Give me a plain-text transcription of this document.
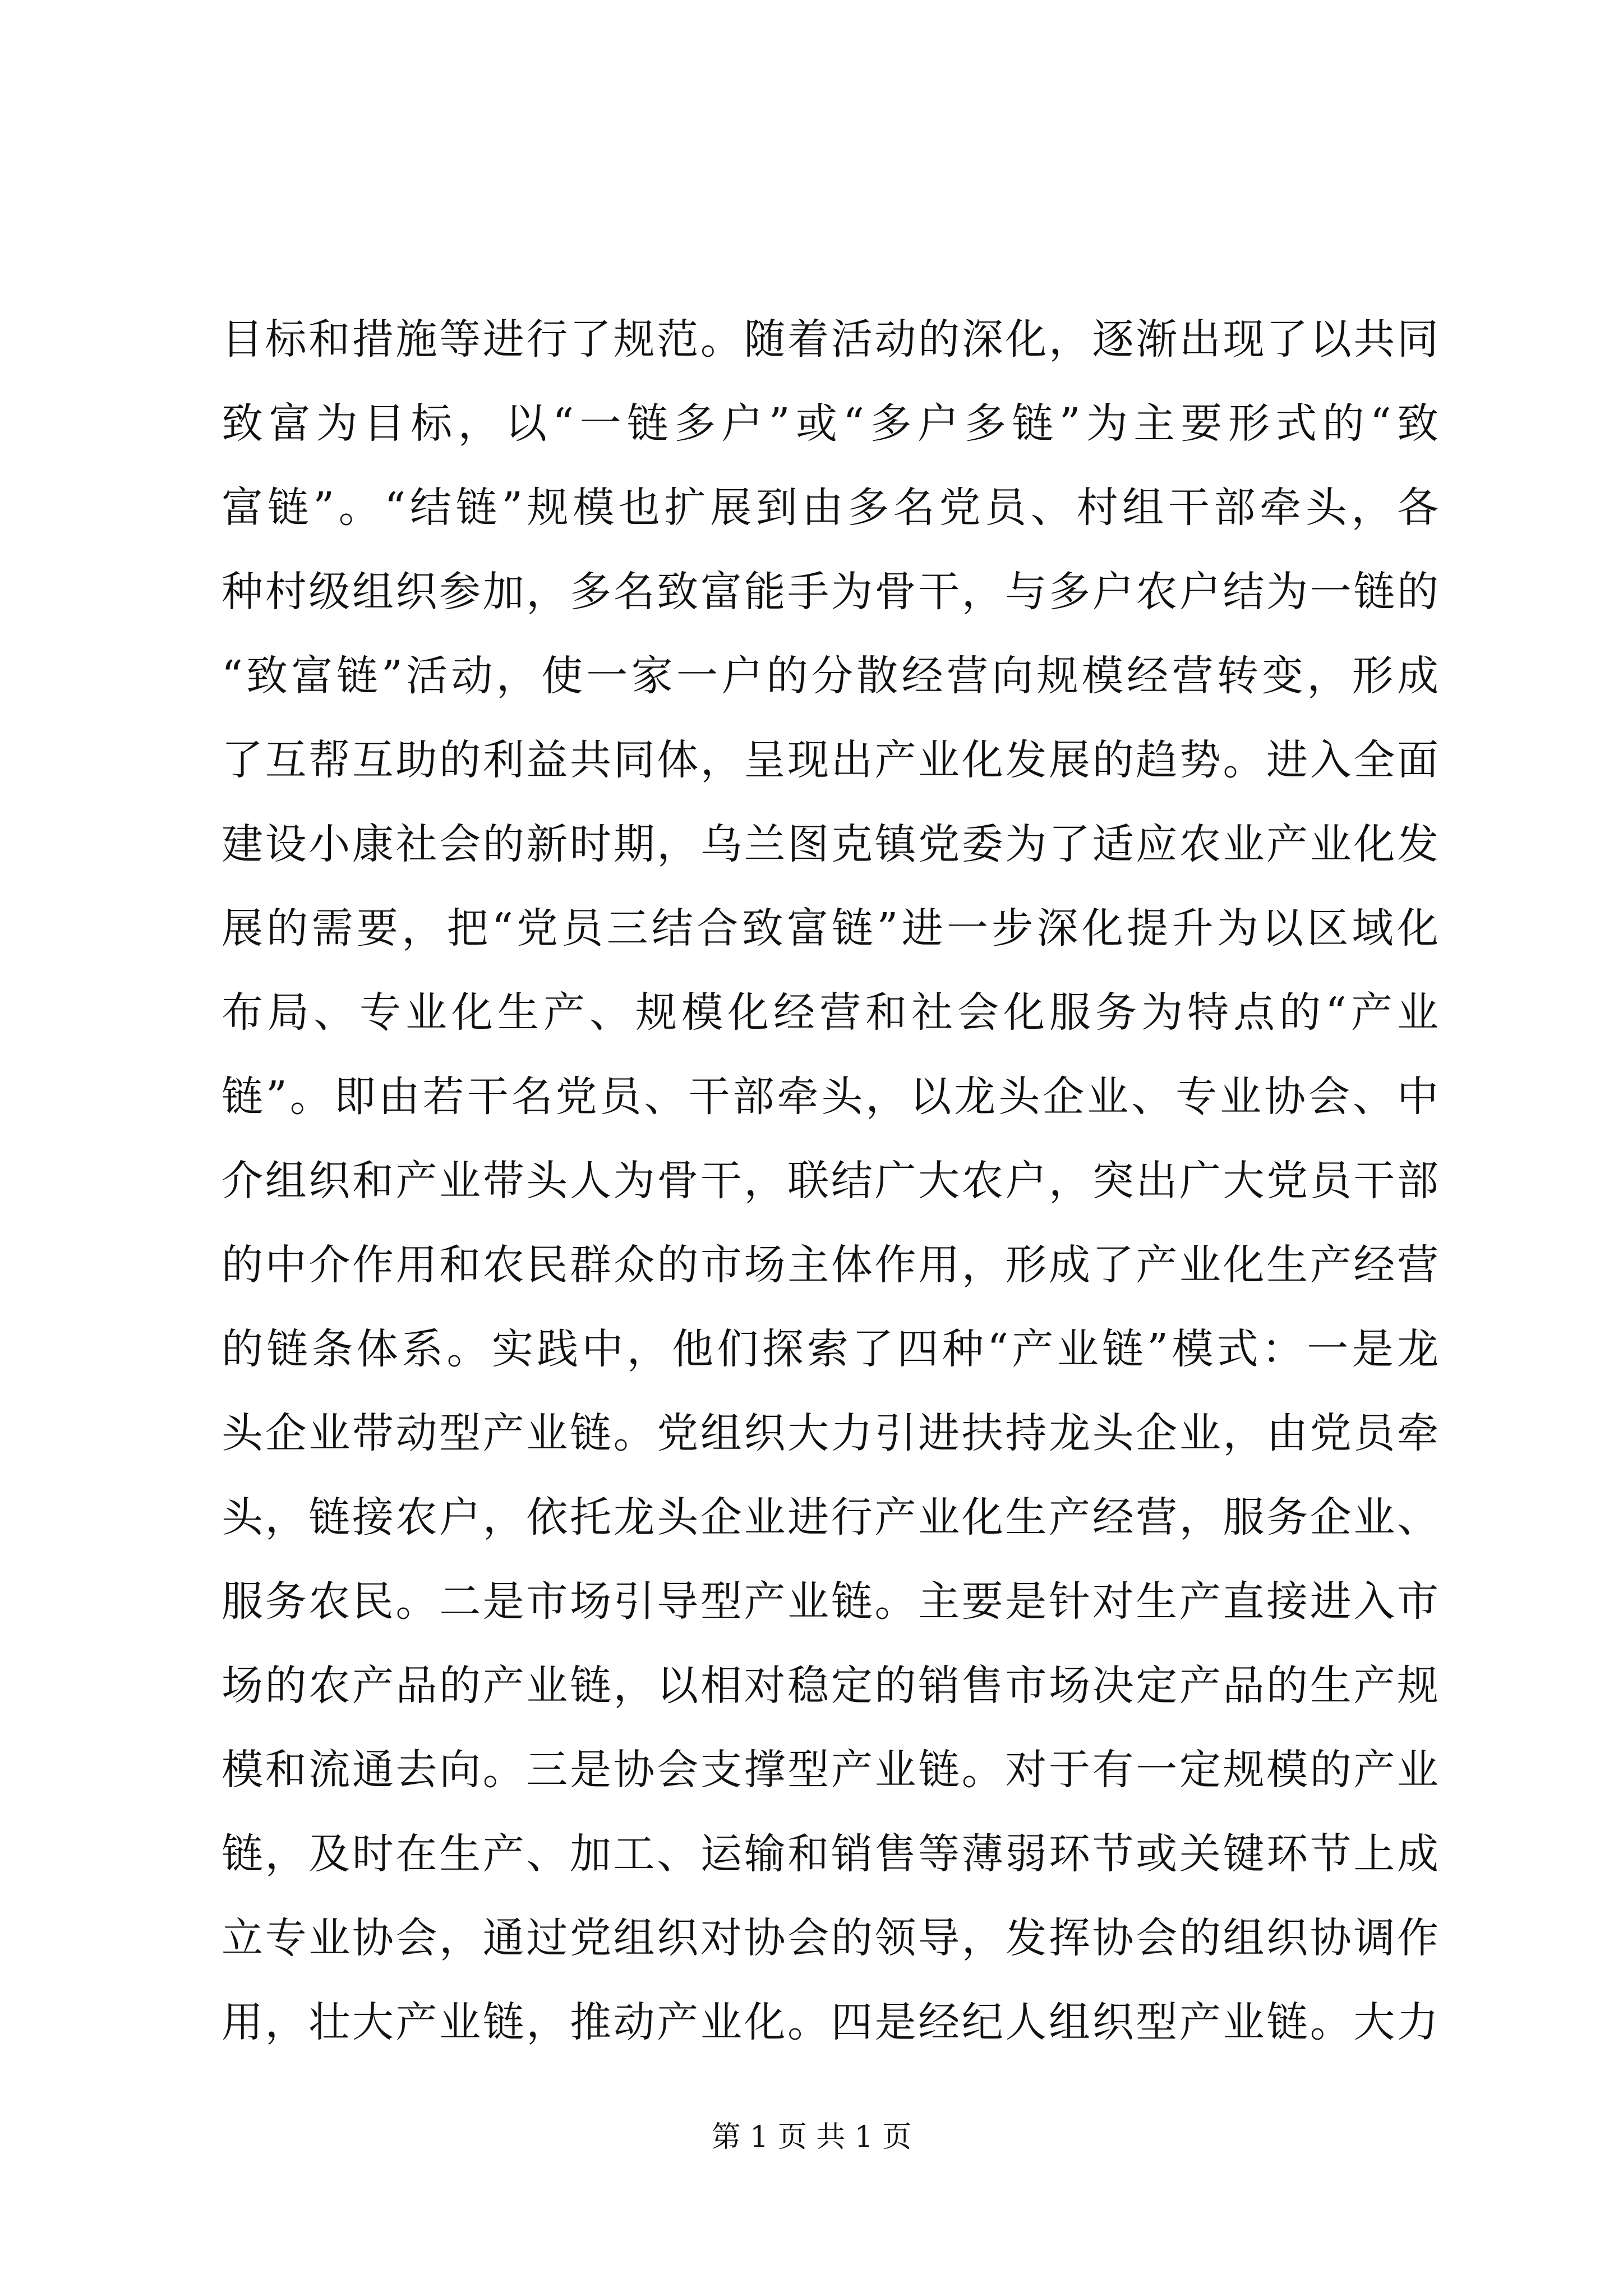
目标和措施等进行了规范。随着活动的深化，逐渐出现了以共同
致富为目标，以“一链多户”或“多户多链”为主要形式的“致
富链”。“结链”规模也扩展到由多名党员、村组干部牵头，各
种村级组织参加，多名致富能手为骨干，与多户农户结为一链的
“致富链”活动，使一家一户的分散经营向规模经营转变，形成
了互帮互助的利益共同体，呈现出产业化发展的趋势。进入全面
建设小康社会的新时期，乌兰图克镇党委为了适应农业产业化发
展的需要，把“党员三结合致富链”进一步深化提升为以区域化
布局、专业化生产、规模化经营和社会化服务为特点的“产业
链”。即由若干名党员、干部牵头，以龙头企业、专业协会、中
介组织和产业带头人为骨干，联结广大农户，突出广大党员干部
的中介作用和农民群众的市场主体作用，形成了产业化生产经营
的链条体系。实践中，他们探索了四种“产业链”模式：一是龙
头企业带动型产业链。党组织大力引进扶持龙头企业，由党员牵
头，链接农户，依托龙头企业进行产业化生产经营，服务企业、
服务农民。二是市场引导型产业链。主要是针对生产直接进入市
场的农产品的产业链，以相对稳定的销售市场决定产品的生产规
模和流通去向。三是协会支撑型产业链。对于有一定规模的产业
链，及时在生产、加工、运输和销售等薄弱环节或关键环节上成
立专业协会，通过党组织对协会的领导，发挥协会的组织协调作
用，壮大产业链，推动产业化。四是经纪人组织型产业链。大力
第 1 页 共 1 页
